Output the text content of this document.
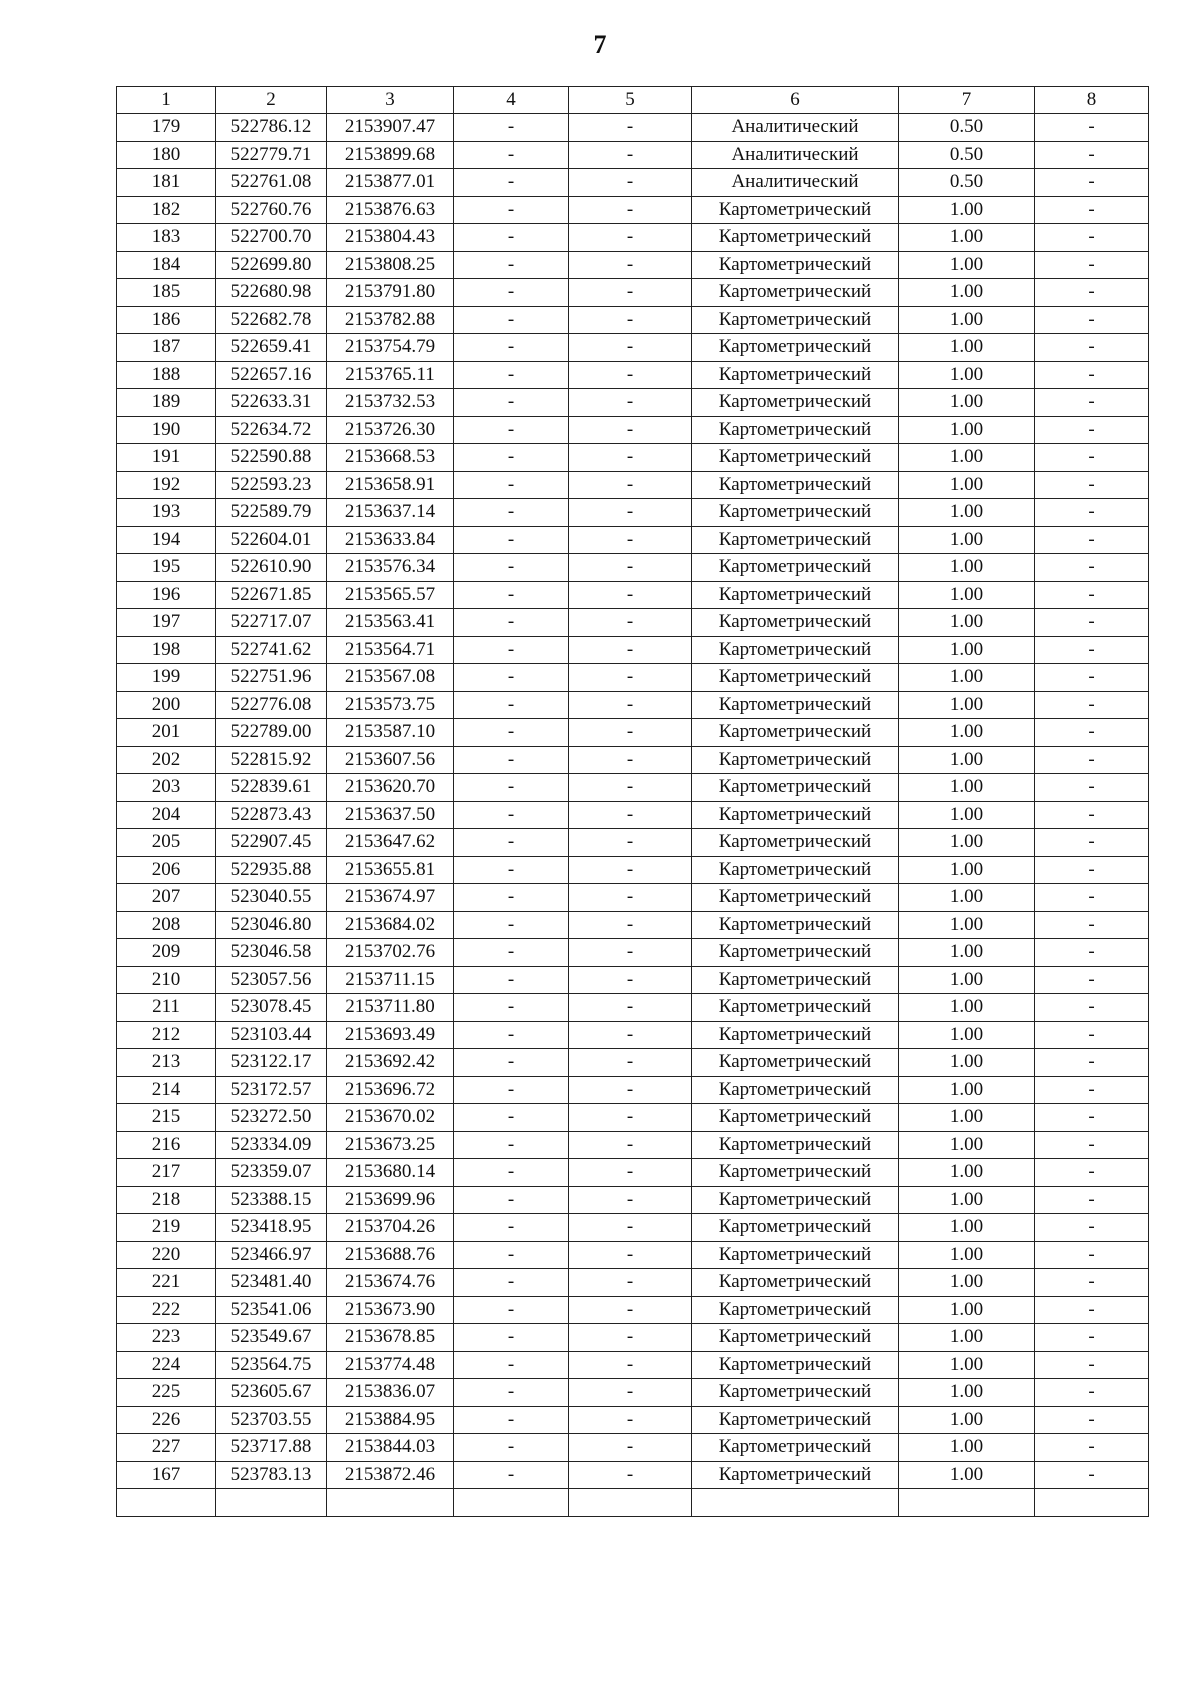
7
1	2	3	4	5	6	7	8
179	522786.12	2153907.47	-	-	Аналитический	0.50	-
180	522779.71	2153899.68	-	-	Аналитический	0.50	-
181	522761.08	2153877.01	-	-	Аналитический	0.50	-
182	522760.76	2153876.63	-	-	Картометрический	1.00	-
183	522700.70	2153804.43	-	-	Картометрический	1.00	-
184	522699.80	2153808.25	-	-	Картометрический	1.00	-
185	522680.98	2153791.80	-	-	Картометрический	1.00	-
186	522682.78	2153782.88	-	-	Картометрический	1.00	-
187	522659.41	2153754.79	-	-	Картометрический	1.00	-
188	522657.16	2153765.11	-	-	Картометрический	1.00	-
189	522633.31	2153732.53	-	-	Картометрический	1.00	-
190	522634.72	2153726.30	-	-	Картометрический	1.00	-
191	522590.88	2153668.53	-	-	Картометрический	1.00	-
192	522593.23	2153658.91	-	-	Картометрический	1.00	-
193	522589.79	2153637.14	-	-	Картометрический	1.00	-
194	522604.01	2153633.84	-	-	Картометрический	1.00	-
195	522610.90	2153576.34	-	-	Картометрический	1.00	-
196	522671.85	2153565.57	-	-	Картометрический	1.00	-
197	522717.07	2153563.41	-	-	Картометрический	1.00	-
198	522741.62	2153564.71	-	-	Картометрический	1.00	-
199	522751.96	2153567.08	-	-	Картометрический	1.00	-
200	522776.08	2153573.75	-	-	Картометрический	1.00	-
201	522789.00	2153587.10	-	-	Картометрический	1.00	-
202	522815.92	2153607.56	-	-	Картометрический	1.00	-
203	522839.61	2153620.70	-	-	Картометрический	1.00	-
204	522873.43	2153637.50	-	-	Картометрический	1.00	-
205	522907.45	2153647.62	-	-	Картометрический	1.00	-
206	522935.88	2153655.81	-	-	Картометрический	1.00	-
207	523040.55	2153674.97	-	-	Картометрический	1.00	-
208	523046.80	2153684.02	-	-	Картометрический	1.00	-
209	523046.58	2153702.76	-	-	Картометрический	1.00	-
210	523057.56	2153711.15	-	-	Картометрический	1.00	-
211	523078.45	2153711.80	-	-	Картометрический	1.00	-
212	523103.44	2153693.49	-	-	Картометрический	1.00	-
213	523122.17	2153692.42	-	-	Картометрический	1.00	-
214	523172.57	2153696.72	-	-	Картометрический	1.00	-
215	523272.50	2153670.02	-	-	Картометрический	1.00	-
216	523334.09	2153673.25	-	-	Картометрический	1.00	-
217	523359.07	2153680.14	-	-	Картометрический	1.00	-
218	523388.15	2153699.96	-	-	Картометрический	1.00	-
219	523418.95	2153704.26	-	-	Картометрический	1.00	-
220	523466.97	2153688.76	-	-	Картометрический	1.00	-
221	523481.40	2153674.76	-	-	Картометрический	1.00	-
222	523541.06	2153673.90	-	-	Картометрический	1.00	-
223	523549.67	2153678.85	-	-	Картометрический	1.00	-
224	523564.75	2153774.48	-	-	Картометрический	1.00	-
225	523605.67	2153836.07	-	-	Картометрический	1.00	-
226	523703.55	2153884.95	-	-	Картометрический	1.00	-
227	523717.88	2153844.03	-	-	Картометрический	1.00	-
167	523783.13	2153872.46	-	-	Картометрический	1.00	-
